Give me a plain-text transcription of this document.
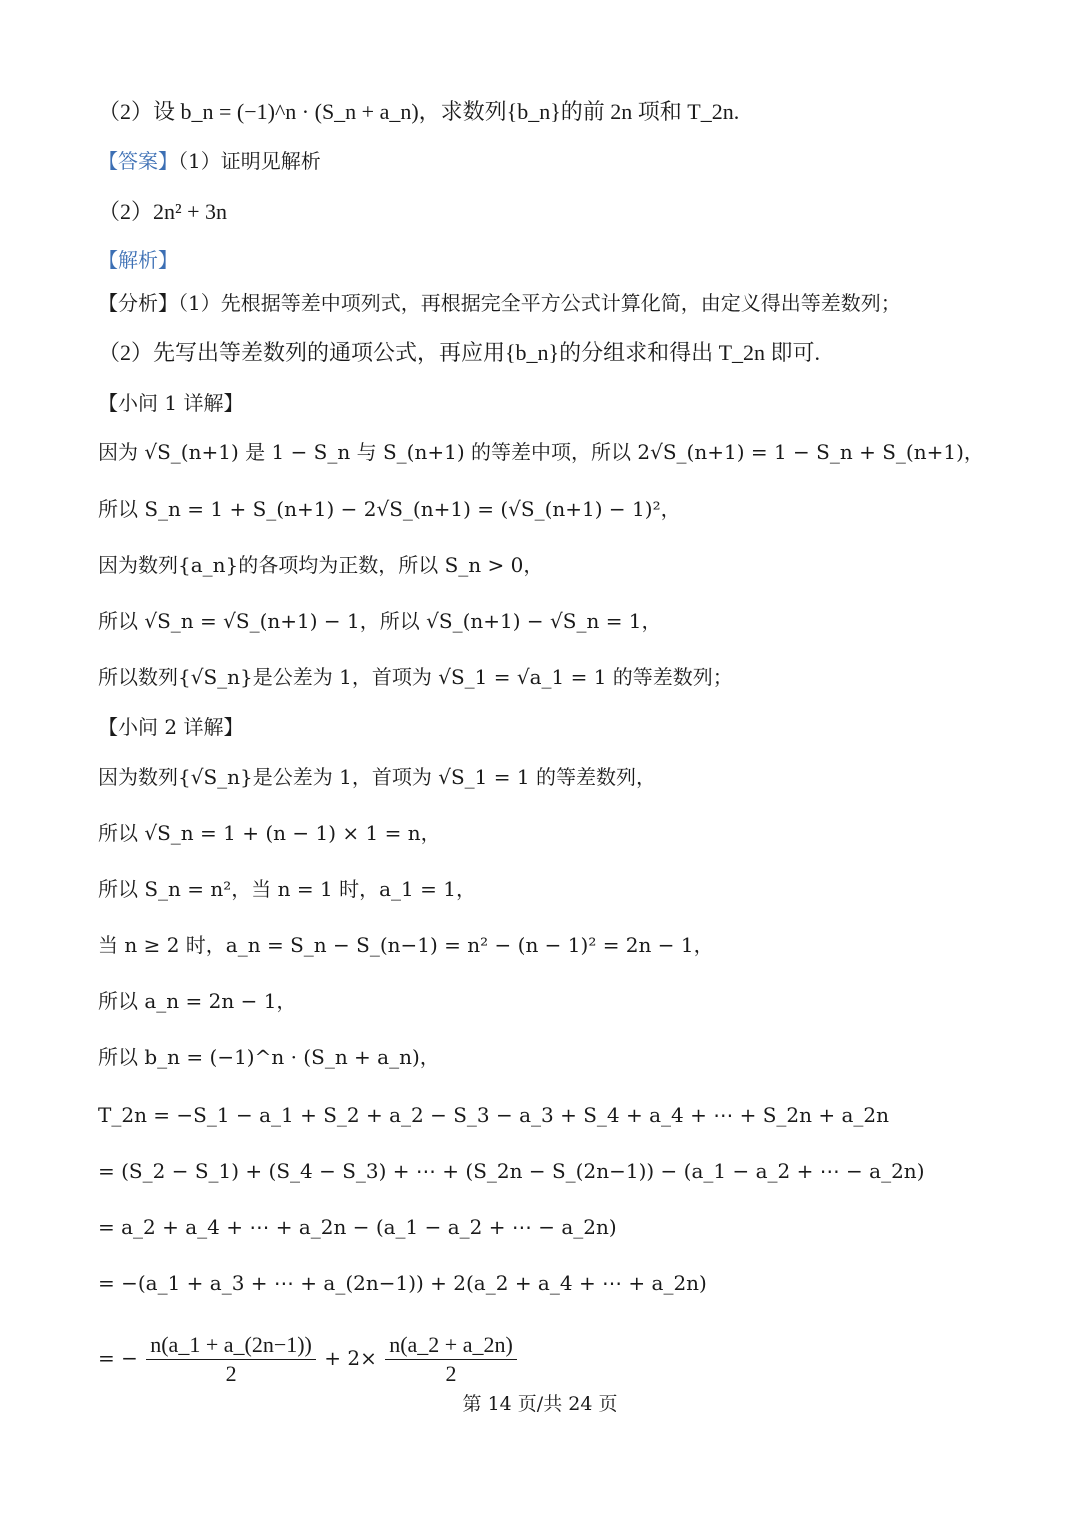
（2）设 b_n = (−1)^n · (S_n + a_n)，求数列{b_n}的前 2n 项和 T_2n.
【答案】（1）证明见解析
（2）2n² + 3n
【解析】
【分析】（1）先根据等差中项列式，再根据完全平方公式计算化简，由定义得出等差数列；
（2）先写出等差数列的通项公式，再应用{b_n}的分组求和得出 T_2n 即可.
【小问 1 详解】
因为 √S_(n+1) 是 1 − S_n 与 S_(n+1) 的等差中项，所以 2√S_(n+1) = 1 − S_n + S_(n+1)，
所以 S_n = 1 + S_(n+1) − 2√S_(n+1) = (√S_(n+1) − 1)²，
因为数列{a_n}的各项均为正数，所以 S_n > 0，
所以 √S_n = √S_(n+1) − 1，所以 √S_(n+1) − √S_n = 1，
所以数列{√S_n}是公差为 1，首项为 √S_1 = √a_1 = 1 的等差数列；
【小问 2 详解】
因为数列{√S_n}是公差为 1，首项为 √S_1 = 1 的等差数列，
所以 √S_n = 1 + (n − 1) × 1 = n，
所以 S_n = n²，当 n = 1 时，a_1 = 1，
当 n ≥ 2 时，a_n = S_n − S_(n−1) = n² − (n − 1)² = 2n − 1，
所以 a_n = 2n − 1，
所以 b_n = (−1)^n · (S_n + a_n)，
T_2n = −S_1 − a_1 + S_2 + a_2 − S_3 − a_3 + S_4 + a_4 + ⋯ + S_2n + a_2n
= (S_2 − S_1) + (S_4 − S_3) + ⋯ + (S_2n − S_(2n−1)) − (a_1 − a_2 + ⋯ − a_2n)
= a_2 + a_4 + ⋯ + a_2n − (a_1 − a_2 + ⋯ − a_2n)
= −(a_1 + a_3 + ⋯ + a_(2n−1)) + 2(a_2 + a_4 + ⋯ + a_2n)
= − $\frac{n(a\_1 + a\_(2n-1))}{2} + 2\times \frac{n(a\_2 + a\_2n)}{2}$
第 14 页/共 24 页
